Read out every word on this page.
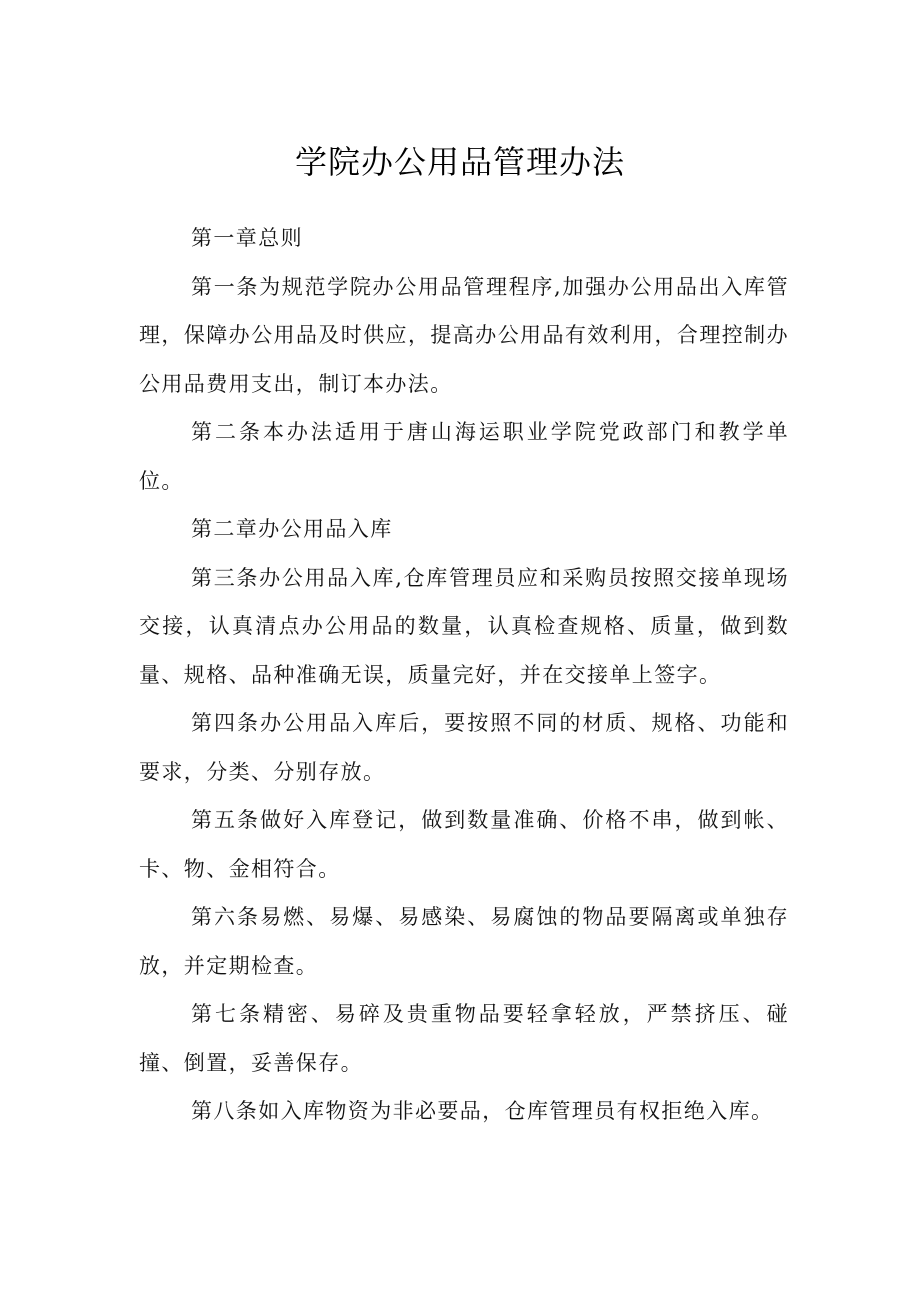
学院办公用品管理办法

第一章总则

第一条为规范学院办公用品管理程序,加强办公用品出入库管理，保障办公用品及时供应，提高办公用品有效利用，合理控制办公用品费用支出，制订本办法。

第二条本办法适用于唐山海运职业学院党政部门和教学单位。

第二章办公用品入库

第三条办公用品入库,仓库管理员应和采购员按照交接单现场交接，认真清点办公用品的数量，认真检查规格、质量，做到数量、规格、品种准确无误，质量完好，并在交接单上签字。

第四条办公用品入库后，要按照不同的材质、规格、功能和要求，分类、分别存放。

第五条做好入库登记，做到数量准确、价格不串，做到帐、卡、物、金相符合。

第六条易燃、易爆、易感染、易腐蚀的物品要隔离或单独存放，并定期检查。

第七条精密、易碎及贵重物品要轻拿轻放，严禁挤压、碰撞、倒置，妥善保存。

第八条如入库物资为非必要品，仓库管理员有权拒绝入库。
